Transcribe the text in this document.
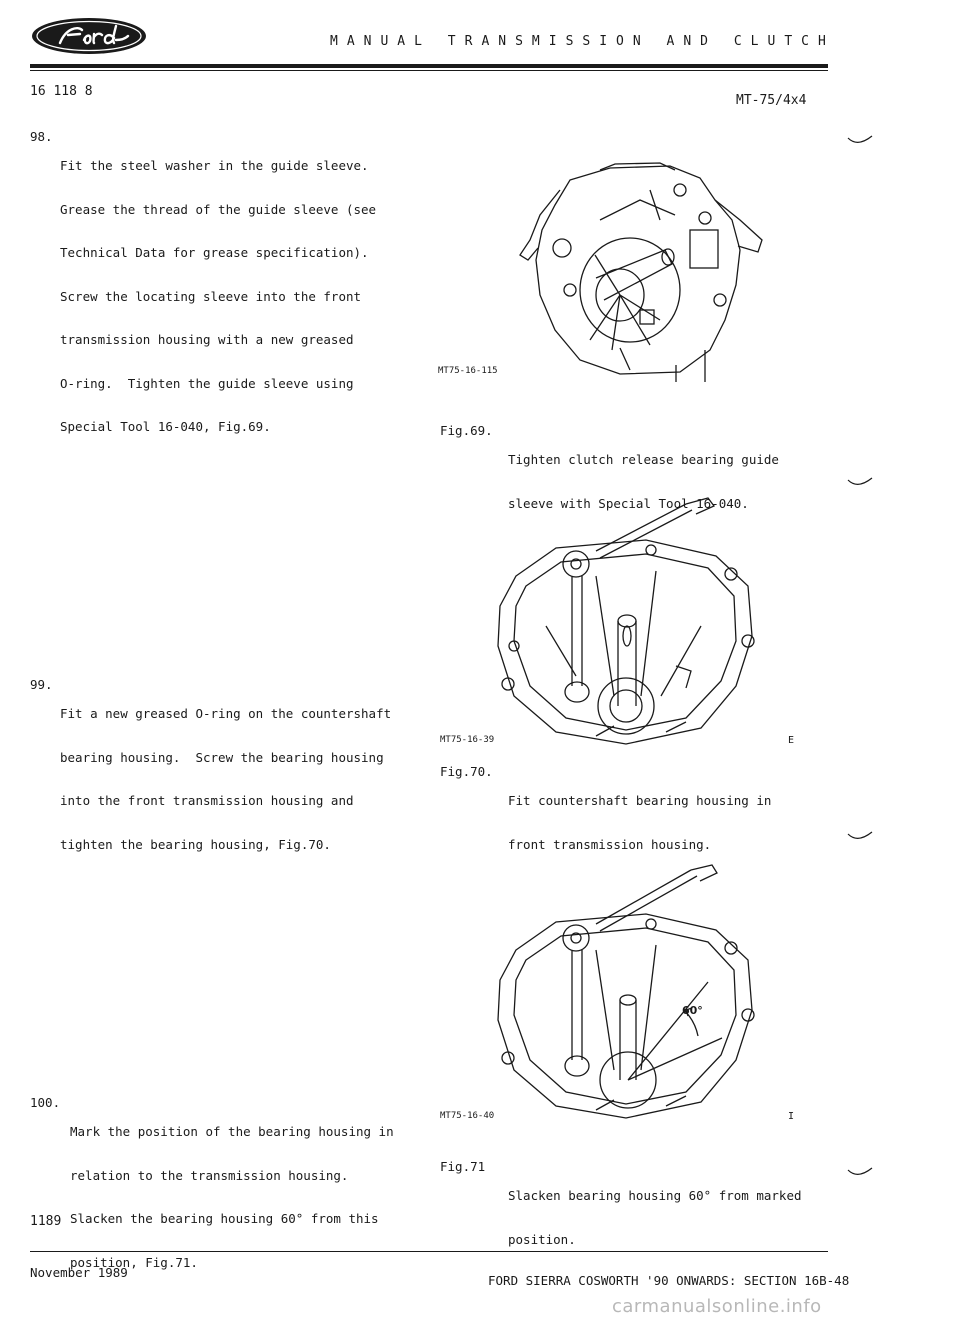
MANUAL TRANSMISSION AND CLUTCH
16 118 8
MT-75/4x4
98.

Fit the steel washer in the guide sleeve.

Grease the thread of the guide sleeve (see

Technical Data for grease specification).

Screw the locating sleeve into the front

transmission housing with a new greased

O-ring.  Tighten the guide sleeve using

Special Tool 16-040, Fig.69.

99.

Fit a new greased O-ring on the countershaft

bearing housing.  Screw the bearing housing

into the front transmission housing and

tighten the bearing housing, Fig.70.

100.

Mark the position of the bearing housing in

relation to the transmission housing.

Slacken the bearing housing 60° from this

position, Fig.71.

MT75-16-115
Fig.69.

Tighten clutch release bearing guide

sleeve with Special Tool 16-040.

MT75-16-39	E
Fig.70.

Fit countershaft bearing housing in

front transmission housing.

60°
MT75-16-40	I
Fig.71

Slacken bearing housing 60° from marked

position.

1189
November 1989
FORD SIERRA COSWORTH '90 ONWARDS: SECTION 16B-48
carmanualsonline.info
